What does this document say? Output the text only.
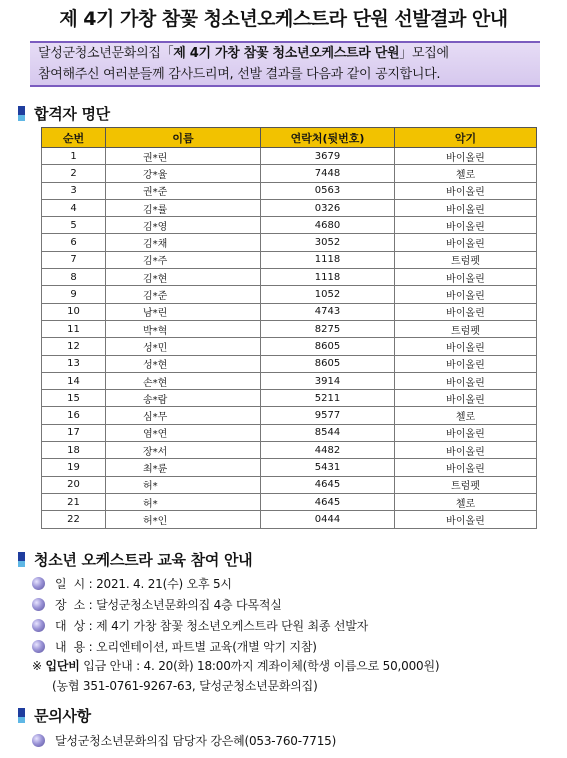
제 4기 가창 참꽃 청소년오케스트라 단원 선발결과 안내
달성군청소년문화의집「제 4기 가창 참꽃 청소년오케스트라 단원」모집에
참여해주신 여러분들께 감사드리며, 선발 결과를 다음과 같이 공지합니다.
합격자 명단
순번	이름	연락처(뒷번호)	악기
1	권*린	3679	바이올린
2	강*율	7448	첼로
3	권*준	0563	바이올린
4	김*률	0326	바이올린
5	김*영	4680	바이올린
6	김*채	3052	바이올린
7	김*주	1118	트럼펫
8	김*현	1118	바이올린
9	김*준	1052	바이올린
10	남*린	4743	바이올린
11	박*혁	8275	트럼펫
12	성*민	8605	바이올린
13	성*현	8605	바이올린
14	손*현	3914	바이올린
15	송*람	5211	바이올린
16	심*무	9577	첼로
17	염*연	8544	바이올린
18	장*서	4482	바이올린
19	최*륜	5431	바이올린
20	허*	4645	트럼펫
21	허*	4645	첼로
22	허*인	0444	바이올린
청소년 오케스트라 교육 참여 안내
일  시 : 2021. 4. 21(수) 오후 5시
장  소 : 달성군청소년문화의집 4층 다목적실
대  상 : 제 4기 가창 참꽃 청소년오케스트라 단원 최종 선발자
내  용 : 오리엔테이션, 파트별 교육(개별 악기 지참)
※ 입단비 입금 안내 : 4. 20(화) 18:00까지 계좌이체(학생 이름으로 50,000원)
(농협 351-0761-9267-63, 달성군청소년문화의집)
문의사항
달성군청소년문화의집 담당자 강은혜(053-760-7715)
